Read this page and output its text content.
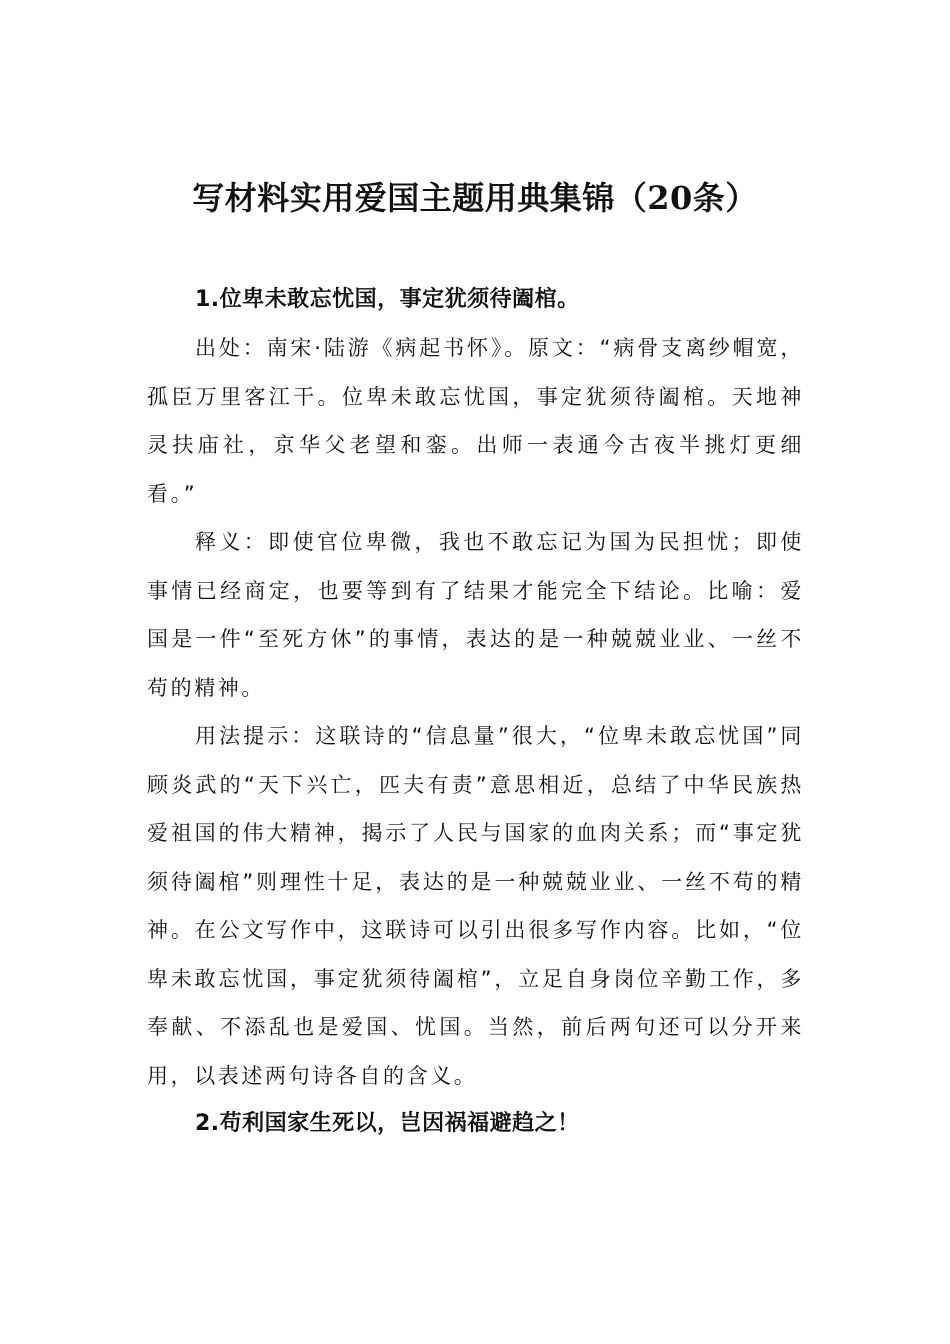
写材料实用爱国主题用典集锦（20条）
1.位卑未敢忘忧国，事定犹须待阖棺。

出处：南宋·陆游《病起书怀》。原文：“病骨支离纱帽宽，孤臣万里客江干。位卑未敢忘忧国，事定犹须待阖棺。天地神灵扶庙社，京华父老望和銮。出师一表通今古夜半挑灯更细看。”

释义：即使官位卑微，我也不敢忘记为国为民担忧；即使事情已经商定，也要等到有了结果才能完全下结论。比喻：爱国是一件“至死方休”的事情，表达的是一种兢兢业业、一丝不苟的精神。

用法提示：这联诗的“信息量”很大，“位卑未敢忘忧国”同顾炎武的“天下兴亡，匹夫有责”意思相近，总结了中华民族热爱祖国的伟大精神，揭示了人民与国家的血肉关系；而“事定犹须待阖棺”则理性十足，表达的是一种兢兢业业、一丝不苟的精神。在公文写作中，这联诗可以引出很多写作内容。比如，“位卑未敢忘忧国，事定犹须待阖棺”，立足自身岗位辛勤工作，多奉献、不添乱也是爱国、忧国。当然，前后两句还可以分开来用，以表述两句诗各自的含义。

2.苟利国家生死以，岂因祸福避趋之！
